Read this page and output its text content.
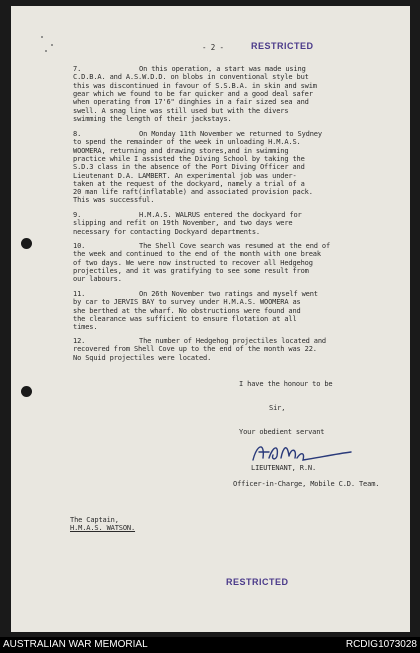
- 2 -	RESTRICTED
7.	On this operation, a start was made using
C.D.B.A. and A.S.W.D.D. on blobs in conventional style but
this was discontinued in favour of S.S.B.A. in skin and swim
gear which we found to be far quicker and a good deal safer
when operating from 17'6" dinghies in a fair sized sea and
swell. A snag line was still used but with the divers
swimming the length of their jackstays.
8.	On Monday 11th November we returned to Sydney
to spend the remainder of the week in unloading H.M.A.S.
WOOMERA, returning and drawing stores,and in swimming
practice while I assisted the Diving School by taking the
S.D.3 class in the absence of the Port Diving Officer and
Lieutenant D.A. LAMBERT. An experimental job was under-
taken at the request of the dockyard, namely a trial of a
20 man life raft(inflatable) and associated provision pack.
This was successful.
9.	H.M.A.S. WALRUS entered the dockyard for
slipping and refit on 19th November, and two days were
necessary for contacting Dockyard departments.
10.	The Shell Cove search was resumed at the end of
the week and continued to the end of the month with one break
of two days. We were now instructed to recover all Hedgehog
projectiles, and it was gratifying to see some result from
our labours.
11.	On 26th November two ratings and myself went
by car to JERVIS BAY to survey under H.M.A.S. WOOMERA as
she berthed at the wharf. No obstructions were found and
the clearance was sufficient to ensure flotation at all
times.
12.	The number of Hedgehog projectiles located and
recovered from Shell Cove up to the end of the month was 22.
No Squid projectiles were located.
I have the honour to be
Sir,
Your obedient servant
LIEUTENANT, R.N.
Officer-in-Charge, Mobile C.D. Team.
The Captain,
H.M.A.S. WATSON.
RESTRICTED
AUSTRALIAN WAR MEMORIAL	RCDIG1073028
